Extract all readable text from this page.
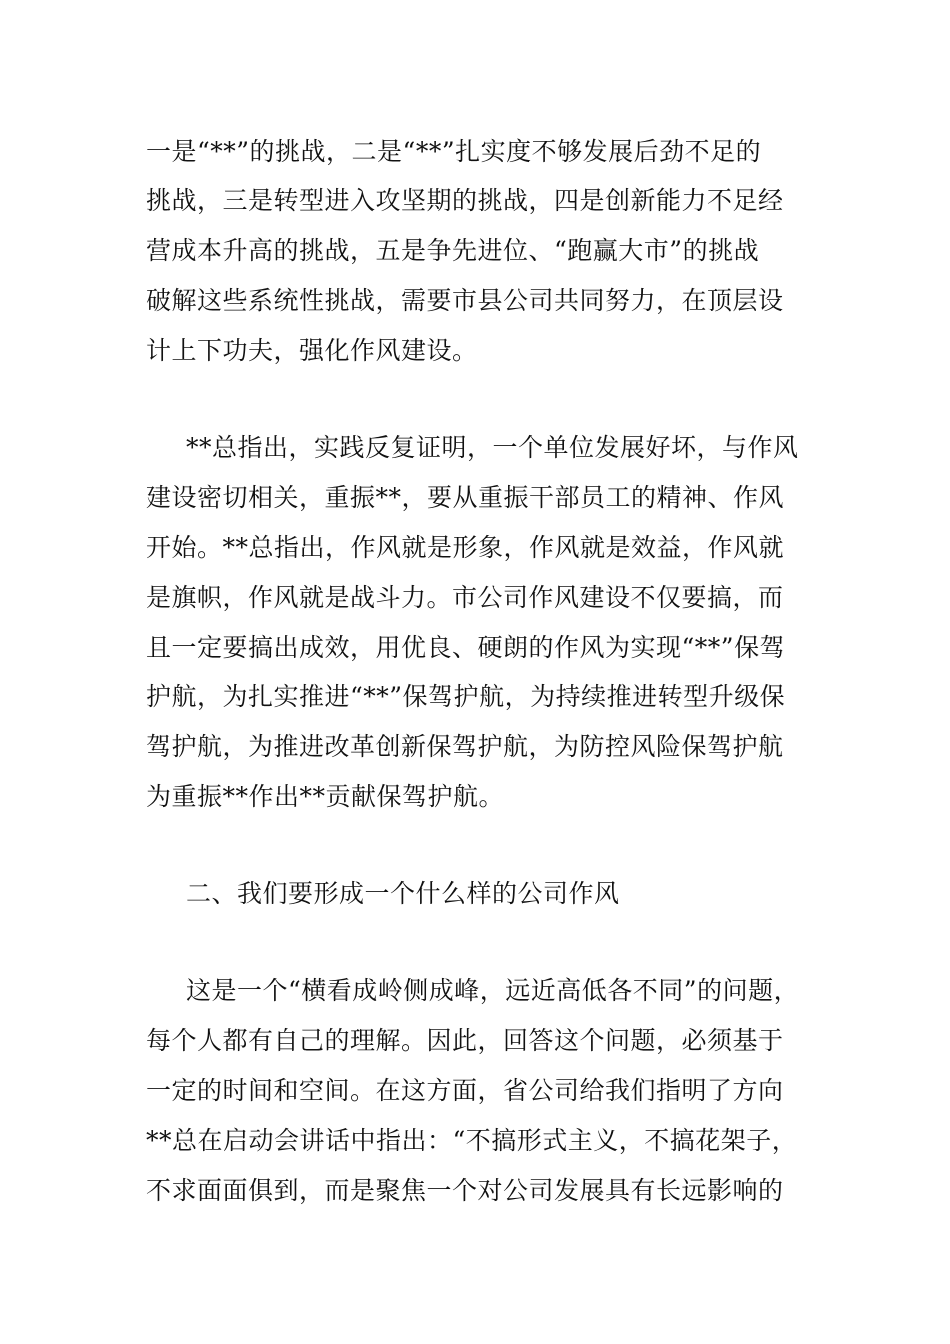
一是“**”的挑战，二是“**”扎实度不够发展后劲不足的
挑战，三是转型进入攻坚期的挑战，四是创新能力不足经
营成本升高的挑战，五是争先进位、“跑赢大市”的挑战
破解这些系统性挑战，需要市县公司共同努力，在顶层设
计上下功夫，强化作风建设。
**总指出，实践反复证明，一个单位发展好坏，与作风
建设密切相关，重振**，要从重振干部员工的精神、作风
开始。**总指出，作风就是形象，作风就是效益，作风就
是旗帜，作风就是战斗力。市公司作风建设不仅要搞，而
且一定要搞出成效，用优良、硬朗的作风为实现“**”保驾
护航，为扎实推进“**”保驾护航，为持续推进转型升级保
驾护航，为推进改革创新保驾护航，为防控风险保驾护航
为重振**作出**贡献保驾护航。
二、我们要形成一个什么样的公司作风
这是一个“横看成岭侧成峰，远近高低各不同”的问题，
每个人都有自己的理解。因此，回答这个问题，必须基于
一定的时间和空间。在这方面，省公司给我们指明了方向
**总在启动会讲话中指出：“不搞形式主义，不搞花架子，
不求面面俱到，而是聚焦一个对公司发展具有长远影响的
